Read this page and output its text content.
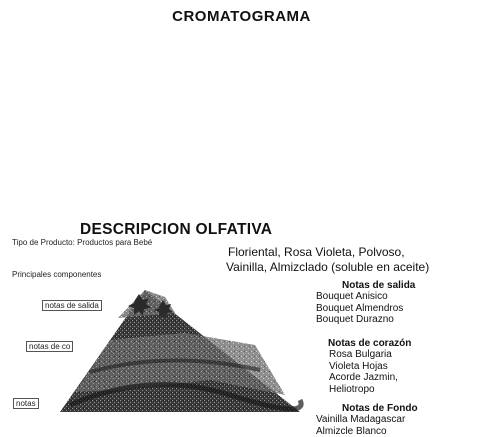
CROMATOGRAMA
DESCRIPCION OLFATIVA
Tipo de Producto: Productos para Bebé
Floriental, Rosa Violeta, Polvoso,
Vainilla, Almizclado (soluble en aceite)
Principales componentes
notas de salida
notas de co
notas
Notas de salida
Bouquet Anisico
Bouquet Almendros
Bouquet Durazno
Notas de corazón
Rosa Bulgaria
Violeta Hojas
Acorde Jazmin,
Heliotropo
Notas de Fondo
Vainilla Madagascar
Almizcle Blanco
